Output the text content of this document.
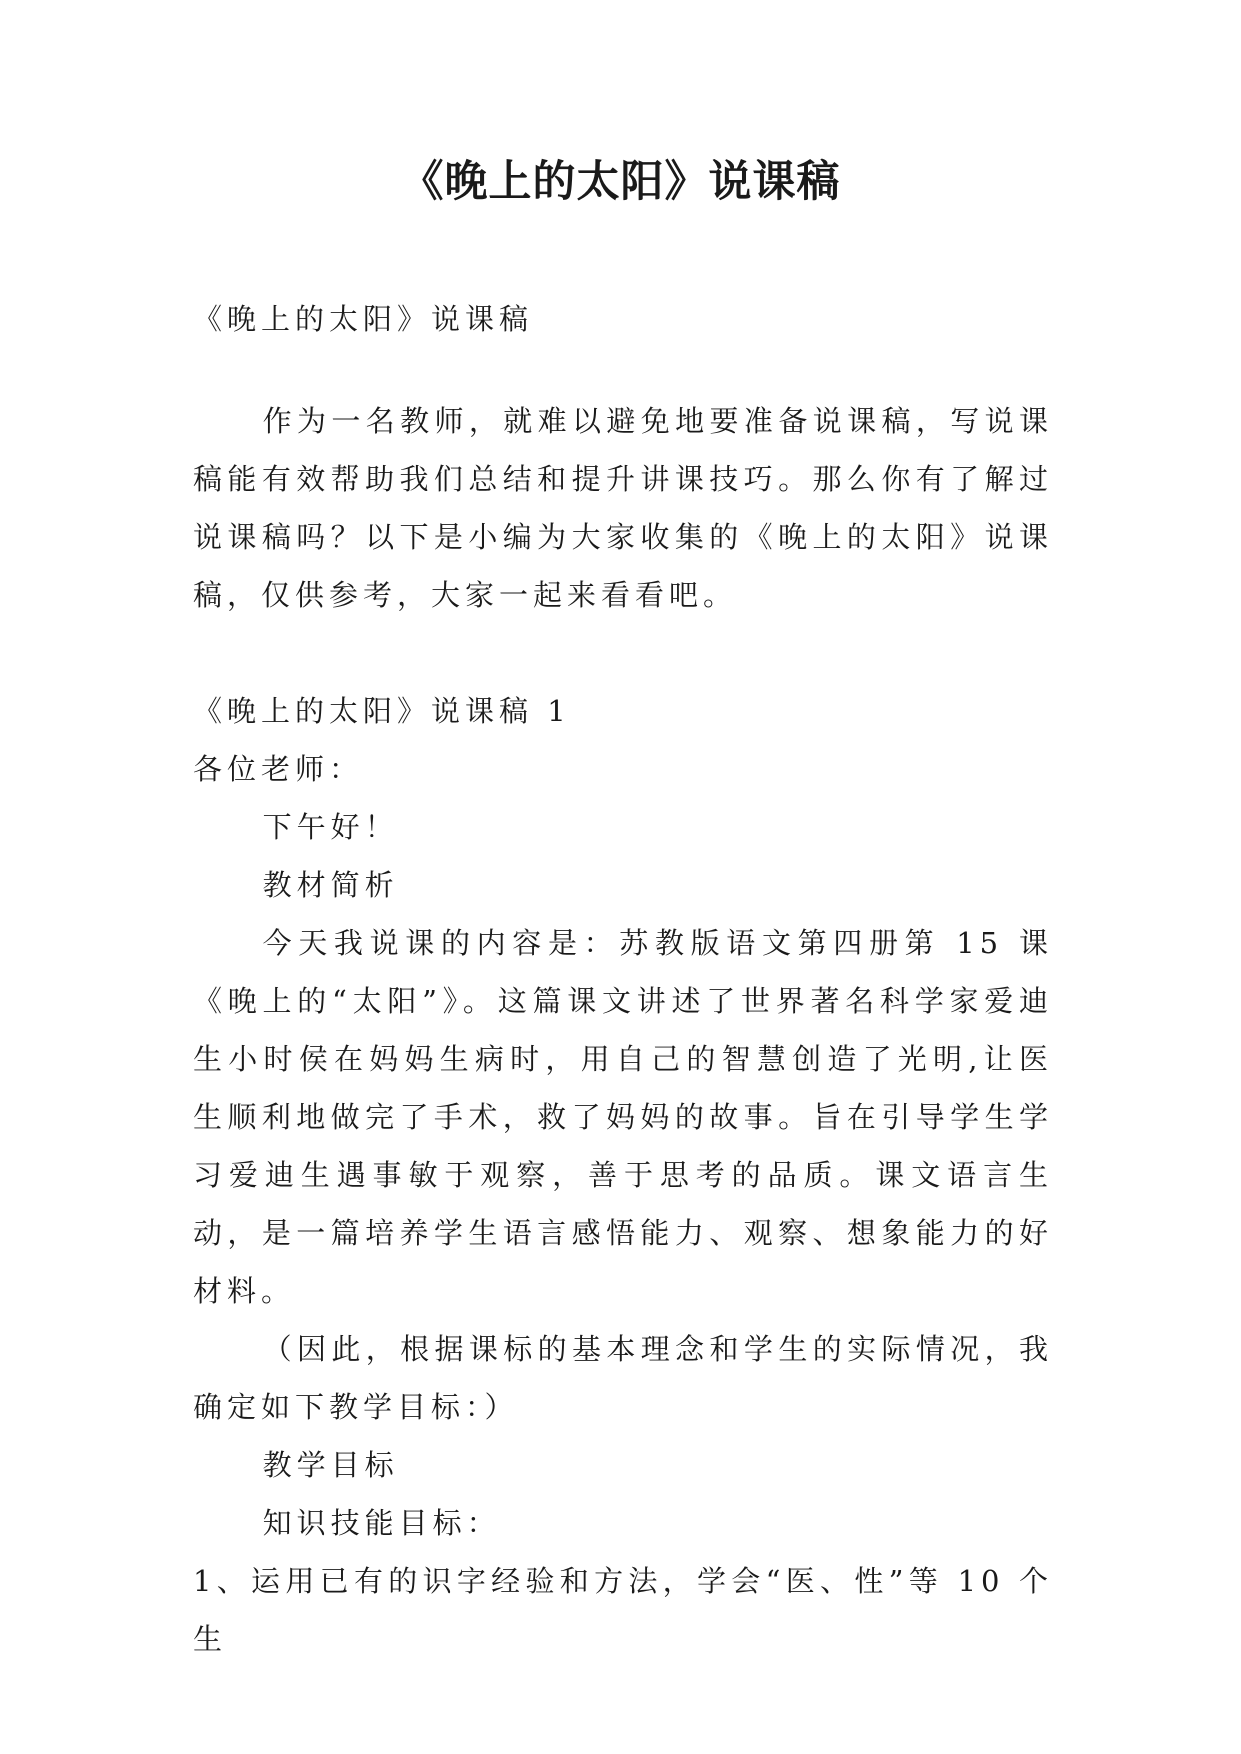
《晚上的太阳》说课稿

《晚上的太阳》说课稿

作为一名教师，就难以避免地要准备说课稿，写说课稿能有效帮助我们总结和提升讲课技巧。那么你有了解过说课稿吗？以下是小编为大家收集的《晚上的太阳》说课稿，仅供参考，大家一起来看看吧。

《晚上的太阳》说课稿 1

各位老师：

下午好！

教材简析

今天我说课的内容是：苏教版语文第四册第 15 课《晚上的“太阳”》。这篇课文讲述了世界著名科学家爱迪生小时侯在妈妈生病时，用自己的智慧创造了光明,让医生顺利地做完了手术，救了妈妈的故事。旨在引导学生学习爱迪生遇事敏于观察，善于思考的品质。课文语言生动，是一篇培养学生语言感悟能力、观察、想象能力的好材料。

（因此，根据课标的基本理念和学生的实际情况，我确定如下教学目标：）

教学目标

知识技能目标：

1、运用已有的识字经验和方法，学会“医、性”等 10 个生
